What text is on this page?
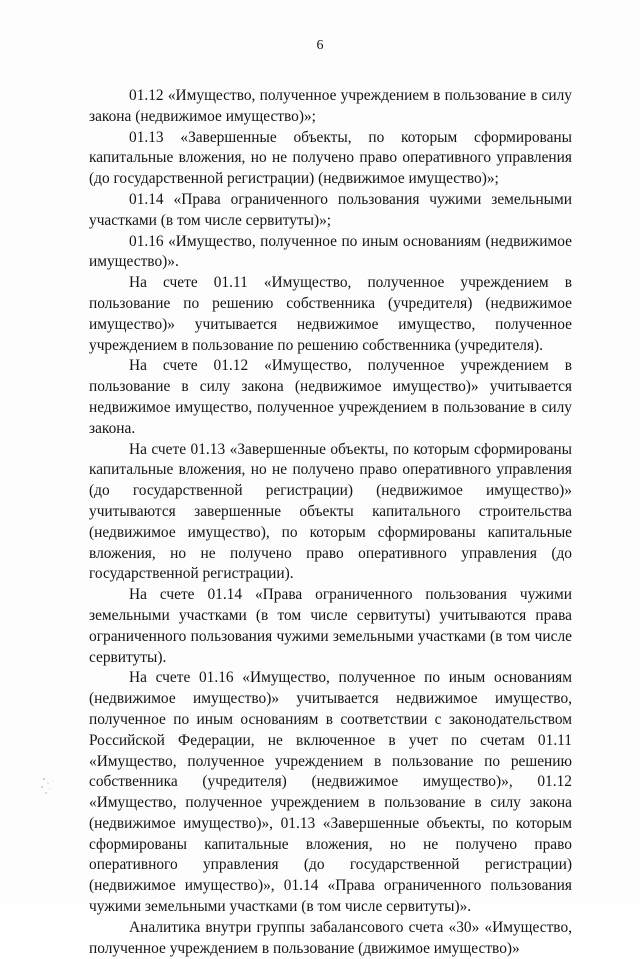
6

01.12 «Имущество, полученное учреждением в пользование в силу закона (недвижимое имущество)»;

01.13 «Завершенные объекты, по которым сформированы капитальные вложения, но не получено право оперативного управления (до государственной регистрации) (недвижимое имущество)»;

01.14 «Права ограниченного пользования чужими земельными участками (в том числе сервитуты)»;

01.16 «Имущество, полученное по иным основаниям (недвижимое имущество)».

На счете 01.11 «Имущество, полученное учреждением в пользование по решению собственника (учредителя) (недвижимое имущество)» учитывается недвижимое имущество, полученное учреждением в пользование по решению собственника (учредителя).

На счете 01.12 «Имущество, полученное учреждением в пользование в силу закона (недвижимое имущество)» учитывается недвижимое имущество, полученное учреждением в пользование в силу закона.

На счете 01.13 «Завершенные объекты, по которым сформированы капитальные вложения, но не получено право оперативного управления (до государственной регистрации) (недвижимое имущество)» учитываются завершенные объекты капитального строительства (недвижимое имущество), по которым сформированы капитальные вложения, но не получено право оперативного управления (до государственной регистрации).

На счете 01.14 «Права ограниченного пользования чужими земельными участками (в том числе сервитуты) учитываются права ограниченного пользования чужими земельными участками (в том числе сервитуты).

На счете 01.16 «Имущество, полученное по иным основаниям (недвижимое имущество)» учитывается недвижимое имущество, полученное по иным основаниям в соответствии с законодательством Российской Федерации, не включенное в учет по счетам 01.11 «Имущество, полученное учреждением в пользование по решению собственника (учредителя) (недвижимое имущество)», 01.12 «Имущество, полученное учреждением в пользование в силу закона (недвижимое имущество)», 01.13 «Завершенные объекты, по которым сформированы капитальные вложения, но не получено право оперативного управления (до государственной регистрации) (недвижимое имущество)», 01.14 «Права ограниченного пользования чужими земельными участками (в том числе сервитуты)».

Аналитика внутри группы забалансового счета «30» «Имущество, полученное учреждением в пользование (движимое имущество)»
